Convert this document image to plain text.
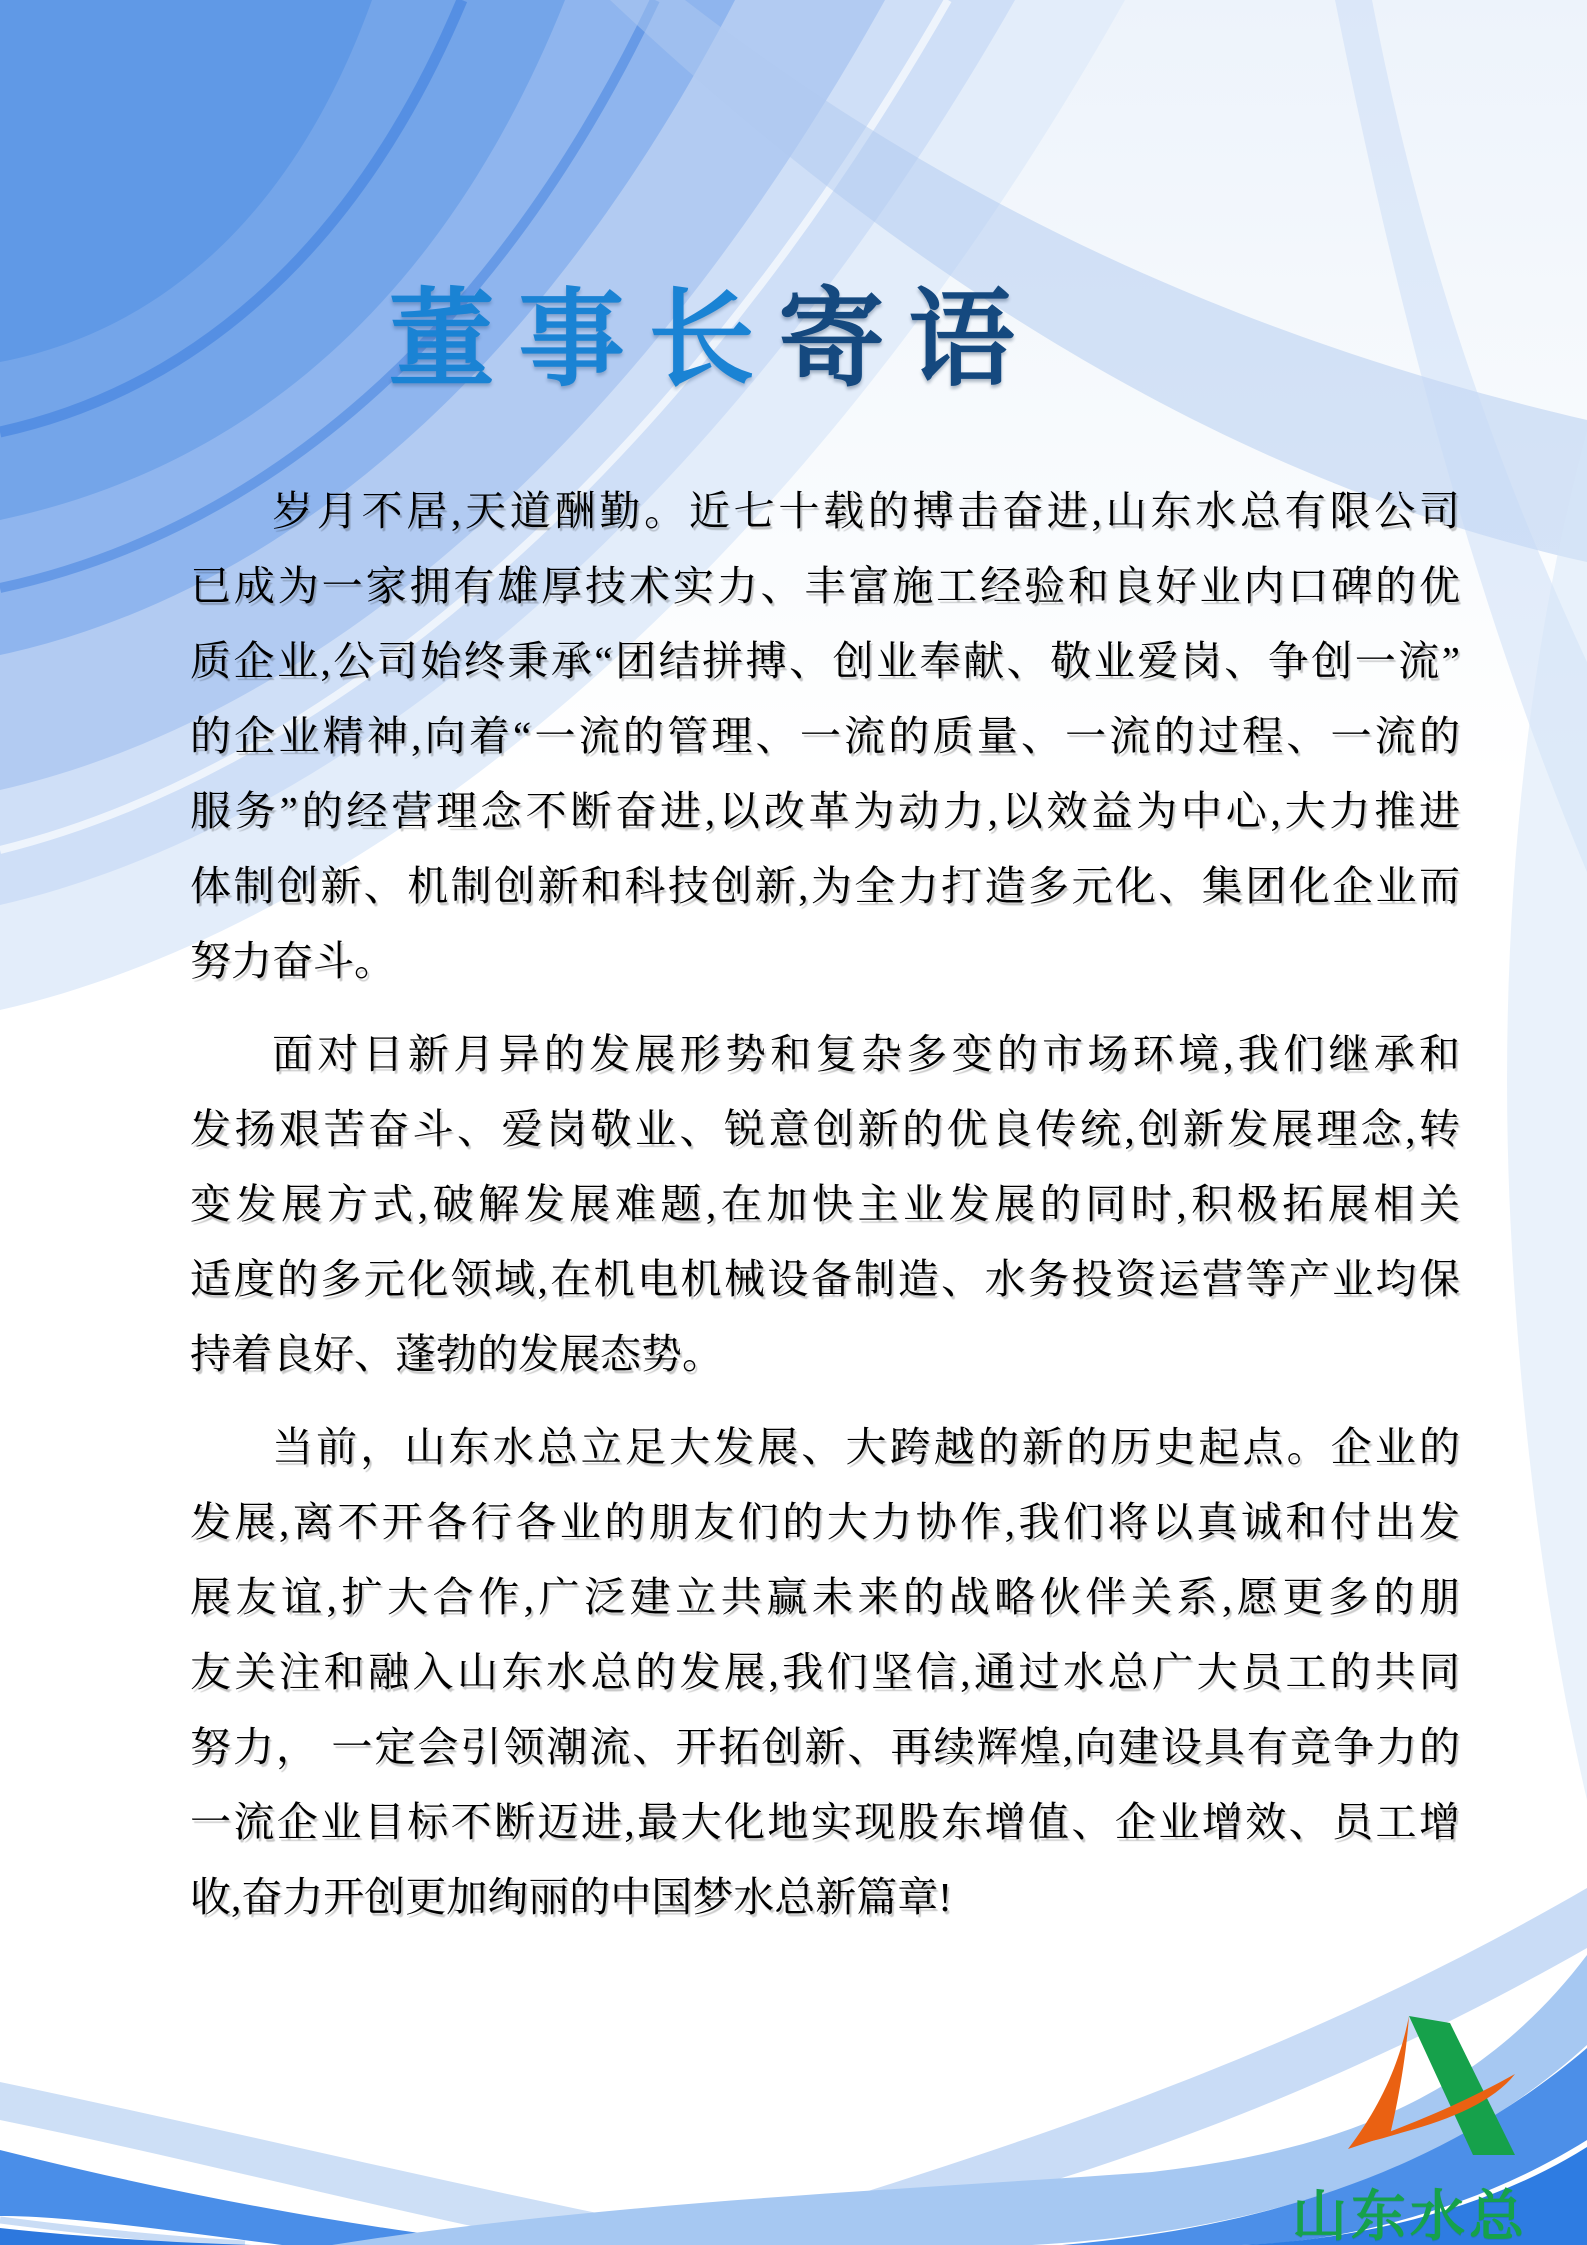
董事长寄语
岁月不居,天道酬勤。近七十载的搏击奋进,山东水总有限公司
已成为一家拥有雄厚技术实力、丰富施工经验和良好业内口碑的优
质企业,公司始终秉承“团结拼搏、创业奉献、敬业爱岗、争创一流”
的企业精神,向着“一流的管理、一流的质量、一流的过程、一流的
服务”的经营理念不断奋进,以改革为动力,以效益为中心,大力推进
体制创新、机制创新和科技创新,为全力打造多元化、集团化企业而
努力奋斗。
面对日新月异的发展形势和复杂多变的市场环境,我们继承和
发扬艰苦奋斗、爱岗敬业、锐意创新的优良传统,创新发展理念,转
变发展方式,破解发展难题,在加快主业发展的同时,积极拓展相关
适度的多元化领域,在机电机械设备制造、水务投资运营等产业均保
持着良好、蓬勃的发展态势。
当前，山东水总立足大发展、大跨越的新的历史起点。企业的
发展,离不开各行各业的朋友们的大力协作,我们将以真诚和付出发
展友谊,扩大合作,广泛建立共赢未来的战略伙伴关系,愿更多的朋
友关注和融入山东水总的发展,我们坚信,通过水总广大员工的共同
努力， 一定会引领潮流、开拓创新、再续辉煌,向建设具有竞争力的
一流企业目标不断迈进,最大化地实现股东增值、企业增效、员工增
收,奋力开创更加绚丽的中国梦水总新篇章!
山东水总
